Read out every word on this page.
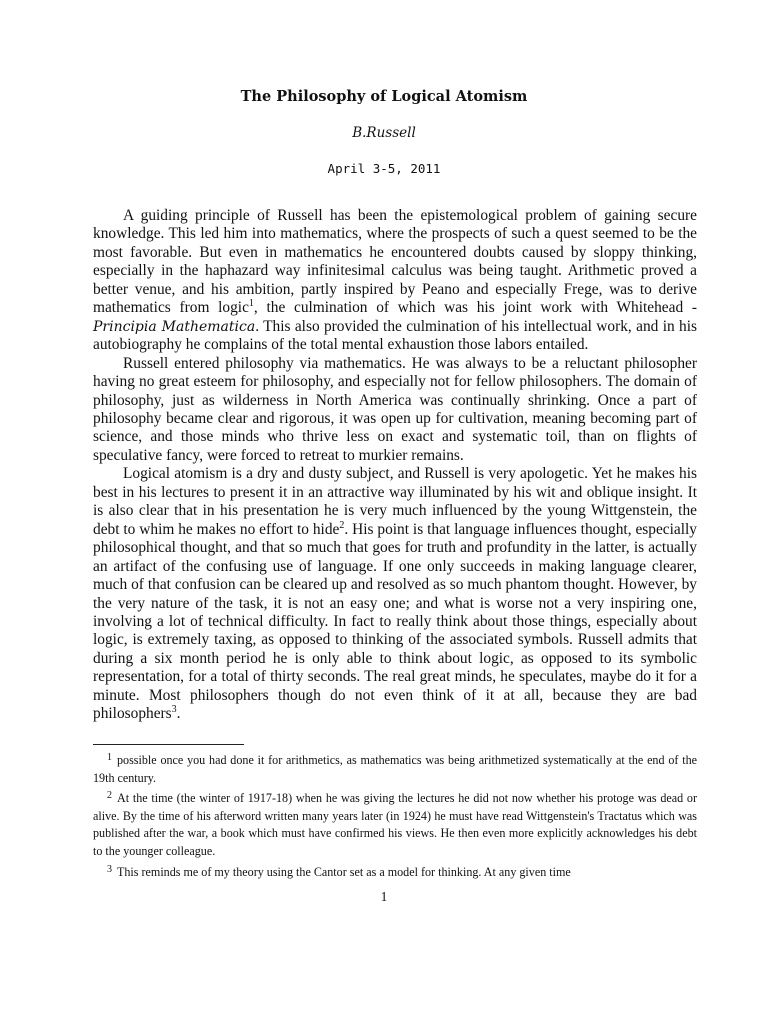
The Philosophy of Logical Atomism
B.Russell
April 3-5, 2011

A guiding principle of Russell has been the epistemological problem of gaining secure knowledge. This led him into mathematics, where the prospects of such a quest seemed to be the most favorable. But even in mathematics he encountered doubts caused by sloppy thinking, especially in the haphazard way infinitesimal calculus was being taught. Arithmetic proved a better venue, and his ambition, partly inspired by Peano and especially Frege, was to derive mathematics from logic$^1$, the culmination of which was his joint work with Whitehead - Principia Mathematica. This also provided the culmination of his intellectual work, and in his autobiography he complains of the total mental exhaustion those labors entailed.

Russell entered philosophy via mathematics. He was always to be a reluctant philosopher having no great esteem for philosophy, and especially not for fellow philosophers. The domain of philosophy, just as wilderness in North America was continually shrinking. Once a part of philosophy became clear and rigorous, it was open up for cultivation, meaning becoming part of science, and those minds who thrive less on exact and systematic toil, than on flights of speculative fancy, were forced to retreat to murkier remains.

Logical atomism is a dry and dusty subject, and Russell is very apologetic. Yet he makes his best in his lectures to present it in an attractive way illuminated by his wit and oblique insight. It is also clear that in his presentation he is very much influenced by the young Wittgenstein, the debt to whim he makes no effort to hide$^2$. His point is that language influences thought, especially philosophical thought, and that so much that goes for truth and profundity in the latter, is actually an artifact of the confusing use of language. If one only succeeds in making language clearer, much of that confusion can be cleared up and resolved as so much phantom thought. However, by the very nature of the task, it is not an easy one; and what is worse not a very inspiring one, involving a lot of technical difficulty. In fact to really think about those things, especially about logic, is extremely taxing, as opposed to thinking of the associated symbols. Russell admits that during a six month period he is only able to think about logic, as opposed to its symbolic representation, for a total of thirty seconds. The real great minds, he speculates, maybe do it for a minute. Most philosophers though do not even think of it at all, because they are bad philosophers$^3$.

$^1$ possible once you had done it for arithmetics, as mathematics was being arithmetized systematically at the end of the 19th century.

$^2$ At the time (the winter of 1917-18) when he was giving the lectures he did not now whether his protoge was dead or alive. By the time of his afterword written many years later (in 1924) he must have read Wittgenstein's Tractatus which was published after the war, a book which must have confirmed his views. He then even more explicitly acknowledges his debt to the younger colleague.

$^3$ This reminds me of my theory using the Cantor set as a model for thinking. At any given time

1
